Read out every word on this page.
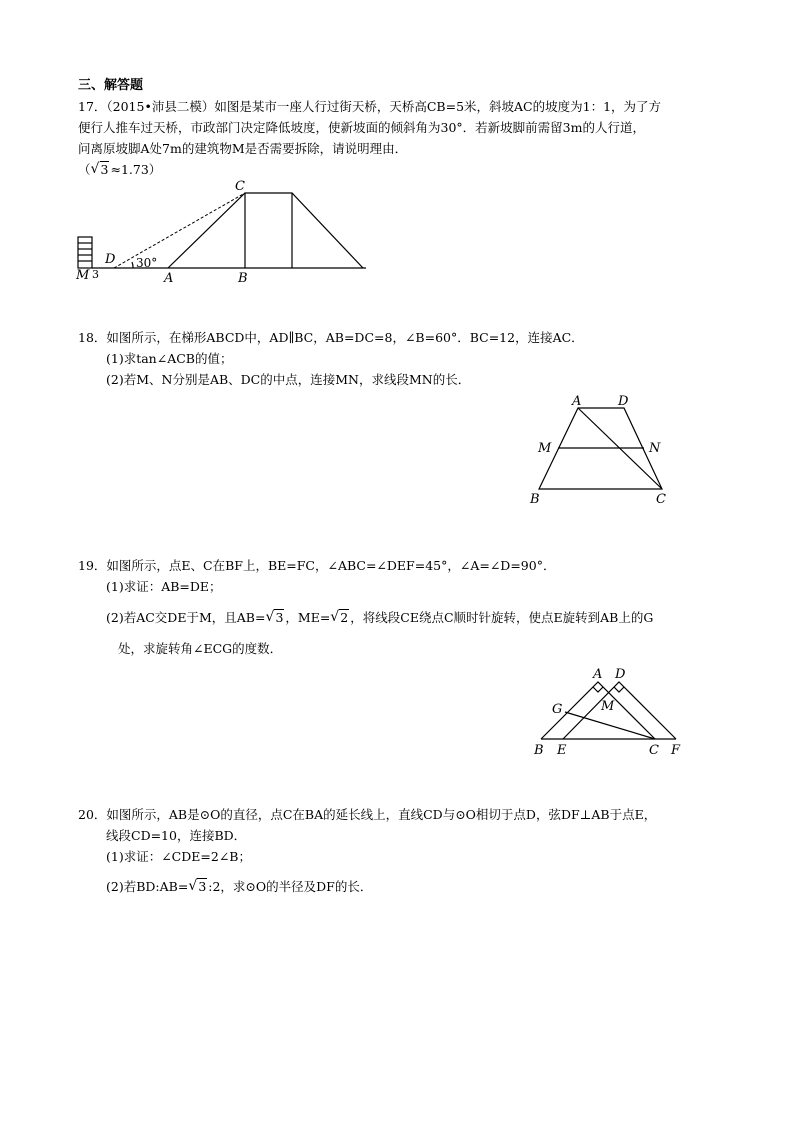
三、解答题
17．（2015•沛县二模）如图是某市一座人行过街天桥，天桥高CB=5米，斜坡AC的坡度为1：1，为了方
便行人推车过天桥，市政部门决定降低坡度，使新坡面的倾斜角为30°．若新坡脚前需留3m的人行道，
问离原坡脚A处7m的建筑物M是否需要拆除，请说明理由．
（ √ 3 ≈1.73）
C
D 30°
A	B
M 3
18．如图所示，在梯形ABCD中，AD∥BC，AB=DC=8，∠B=60°．BC=12，连接AC．
(1)求tan∠ACB的值；
(2)若M、N分别是AB、DC的中点，连接MN，求线段MN的长．
A	D
M	N
B	C
19．如图所示，点E、C在BF上，BE=FC，∠ABC=∠DEF=45°，∠A=∠D=90°．
(1)求证：AB=DE；
(2)若AC交DE于M，且AB= √ 3 ，ME= √ 2 ，将线段CE绕点C顺时针旋转，使点E旋转到AB上的G
处，求旋转角∠ECG的度数．
A D
G	M
B E	C F
20．如图所示，AB是⊙O的直径，点C在BA的延长线上，直线CD与⊙O相切于点D，弦DF⊥AB于点E，
线段CD=10，连接BD．
(1)求证：∠CDE=2∠B；
(2)若BD:AB= √ 3 :2，求⊙O的半径及DF的长．
